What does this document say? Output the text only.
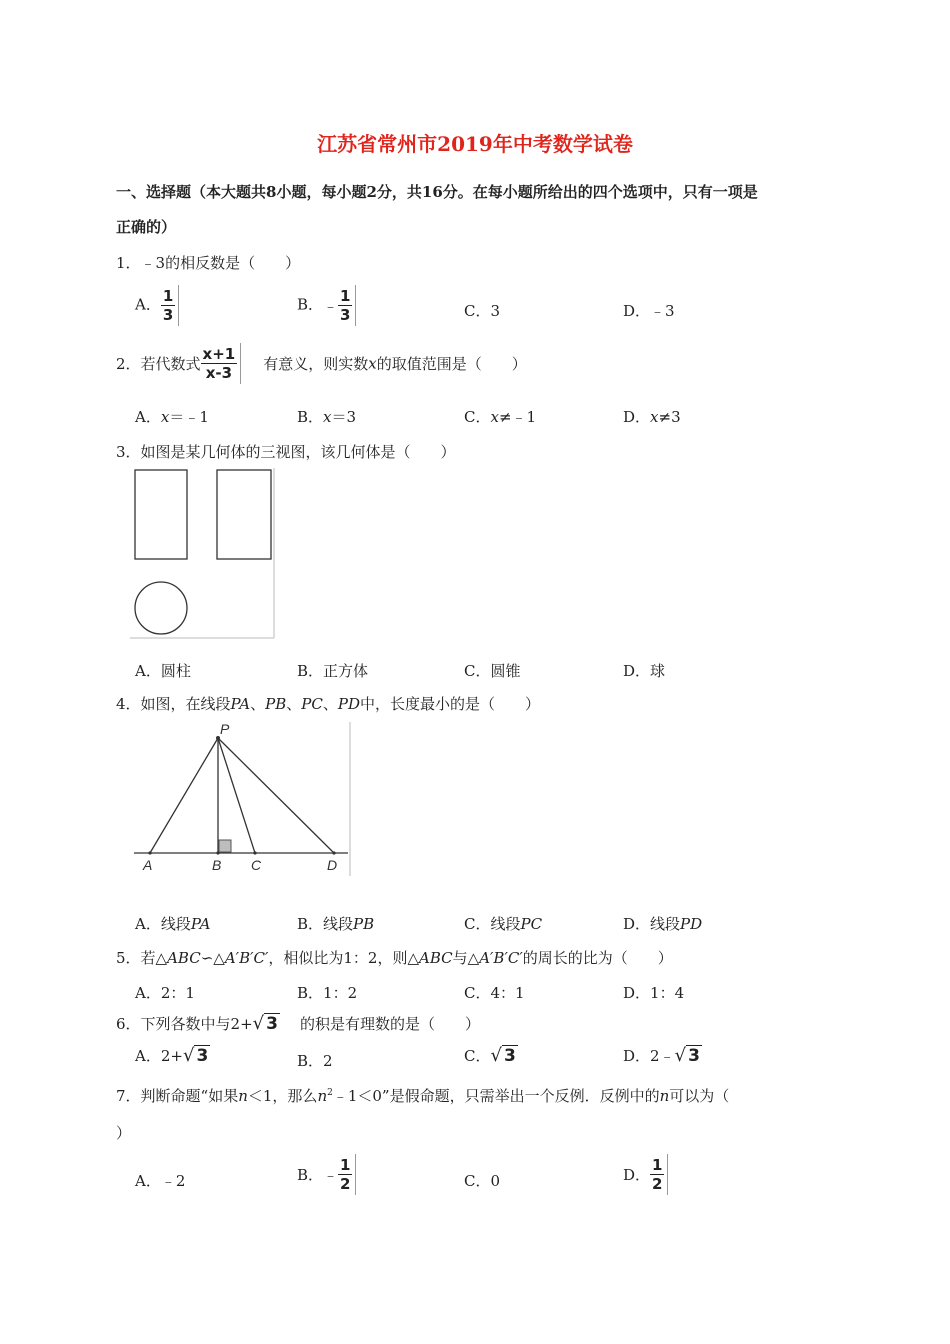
江苏省常州市2019年中考数学试卷
一、选择题（本大题共8小题，每小题2分，共16分。在每小题所给出的四个选项中，只有一项是
正确的）
1．﹣3的相反数是（　　）
A． $\frac{1}{3}$	B．﹣ $\frac{1}{3}$	C．3	D．﹣3
2．若代数式 $\frac{x+1}{x-3}$ 有意义，则实数x的取值范围是（　　）
A．x＝﹣1	B．x＝3	C．x≠﹣1	D．x≠3
3．如图是某几何体的三视图，该几何体是（　　）
A．圆柱	B．正方体	C．圆锥	D．球
4．如图，在线段PA、PB、PC、PD中，长度最小的是（　　）
P
A	B C	D
A．线段PA	B．线段PB	C．线段PC	D．线段PD
5．若△ABC∽△A′B′C′，相似比为1：2，则△ABC与△A′B′C′的周长的比为（　　）
A．2：1	B．1：2	C．4：1	D．1：4
6．下列各数中与2+√ 3 的积是有理数的是（　　）
A．2+√ 3	B．2	C．√ 3	D．2﹣√ 3
7．判断命题“如果n＜1，那么$n^2﹣1<0$”是假命题，只需举出一个反例．反例中的n可以为（
）
A．﹣2	B．﹣ $\frac{1}{2}$	C．0	D． $\frac{1}{2}$
